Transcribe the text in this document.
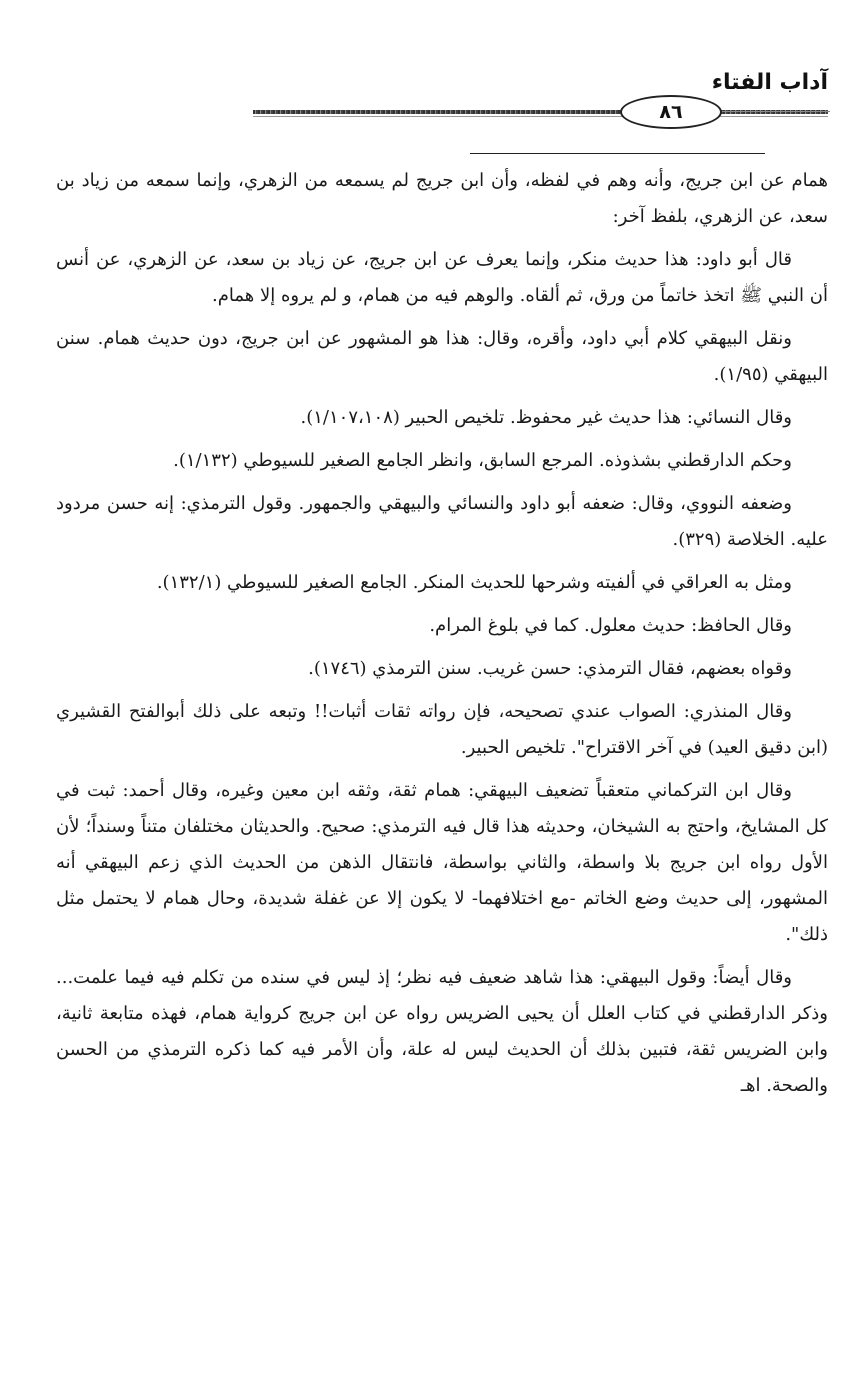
آداب الفتاء
٨٦

همام عن ابن جريج، وأنه وهم في لفظه، وأن ابن جريج لم يسمعه من الزهري، وإنما سمعه من زياد بن سعد، عن الزهري، بلفظ آخر:

قال أبو داود: هذا حديث منكر، وإنما يعرف عن ابن جريج، عن زياد بن سعد، عن الزهري، عن أنس أن النبي ﷺ اتخذ خاتماً من ورق، ثم ألقاه. والوهم فيه من همام، و لم يروه إلا همام.

ونقل البيهقي كلام أبي داود، وأقره، وقال: هذا هو المشهور عن ابن جريج، دون حديث همام. سنن البيهقي (١/٩٥).

وقال النسائي: هذا حديث غير محفوظ. تلخيص الحبير (١/١٠٧،١٠٨).

وحكم الدارقطني بشذوذه. المرجع السابق، وانظر الجامع الصغير للسيوطي (١/١٣٢).

وضعفه النووي، وقال: ضعفه أبو داود والنسائي والبيهقي والجمهور. وقول الترمذي: إنه حسن مردود عليه. الخلاصة (٣٢٩).

ومثل به العراقي في ألفيته وشرحها للحديث المنكر. الجامع الصغير للسيوطي (١٣٢/١).

وقال الحافظ: حديث معلول. كما في بلوغ المرام.

وقواه بعضهم، فقال الترمذي: حسن غريب. سنن الترمذي (١٧٤٦).

وقال المنذري: الصواب عندي تصحيحه، فإن رواته ثقات أثبات!! وتبعه على ذلك أبوالفتح القشيري (ابن دقيق العيد) في آخر الاقتراح". تلخيص الحبير.

وقال ابن التركماني متعقباً تضعيف البيهقي: همام ثقة، وثقه ابن معين وغيره، وقال أحمد: ثبت في كل المشايخ، واحتج به الشيخان، وحديثه هذا قال فيه الترمذي: صحيح. والحديثان مختلفان متناً وسنداً؛ لأن الأول رواه ابن جريج بلا واسطة، والثاني بواسطة، فانتقال الذهن من الحديث الذي زعم البيهقي أنه المشهور، إلى حديث وضع الخاتم -مع اختلافهما- لا يكون إلا عن غفلة شديدة، وحال همام لا يحتمل مثل ذلك".

وقال أيضاً: وقول البيهقي: هذا شاهد ضعيف فيه نظر؛ إذ ليس في سنده من تكلم فيه فيما علمت... وذكر الدارقطني في كتاب العلل أن يحيى الضريس رواه عن ابن جريج كرواية همام، فهذه متابعة ثانية، وابن الضريس ثقة، فتبين بذلك أن الحديث ليس له علة، وأن الأمر فيه كما ذكره الترمذي من الحسن والصحة. اهـ
